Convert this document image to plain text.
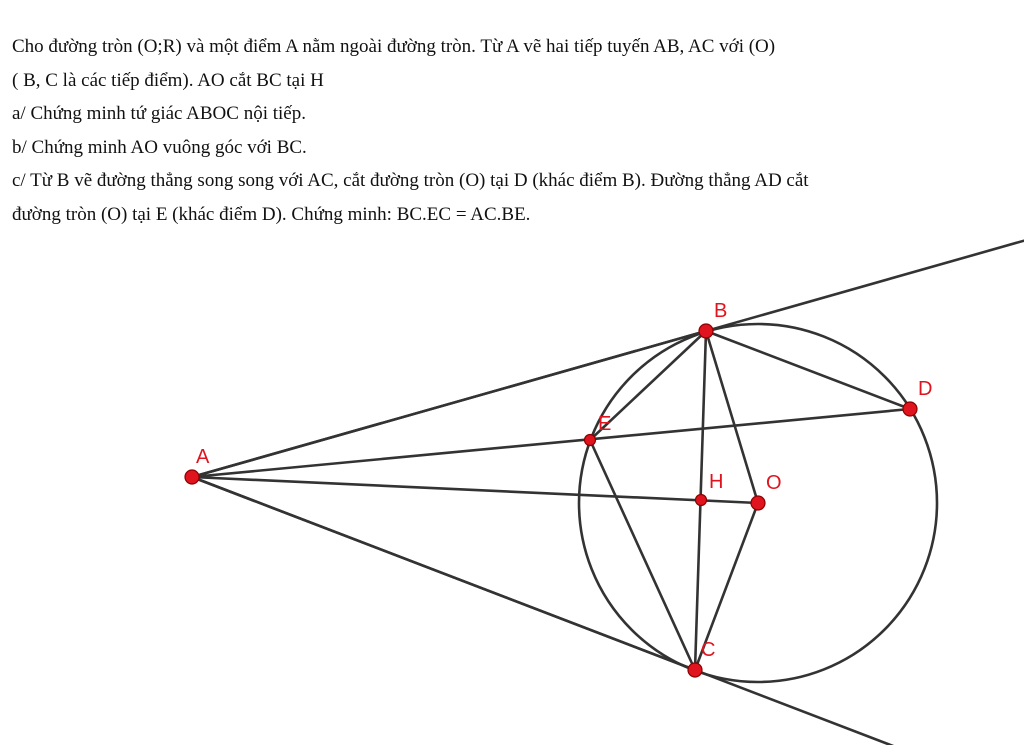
Cho đường tròn (O;R) và một điểm A nằm ngoài đường tròn. Từ A vẽ hai tiếp tuyến AB, AC với (O)

( B, C là các tiếp điểm). AO cắt BC tại H

a/ Chứng minh tứ giác ABOC nội tiếp.

b/ Chứng minh AO vuông góc với BC.

c/ Từ B vẽ đường thẳng song song với AC, cắt đường tròn (O) tại D (khác điểm B). Đường thẳng AD cắt

đường tròn (O) tại E (khác điểm D). Chứng minh: BC.EC = AC.BE.

A
B
C
D
E
H O
